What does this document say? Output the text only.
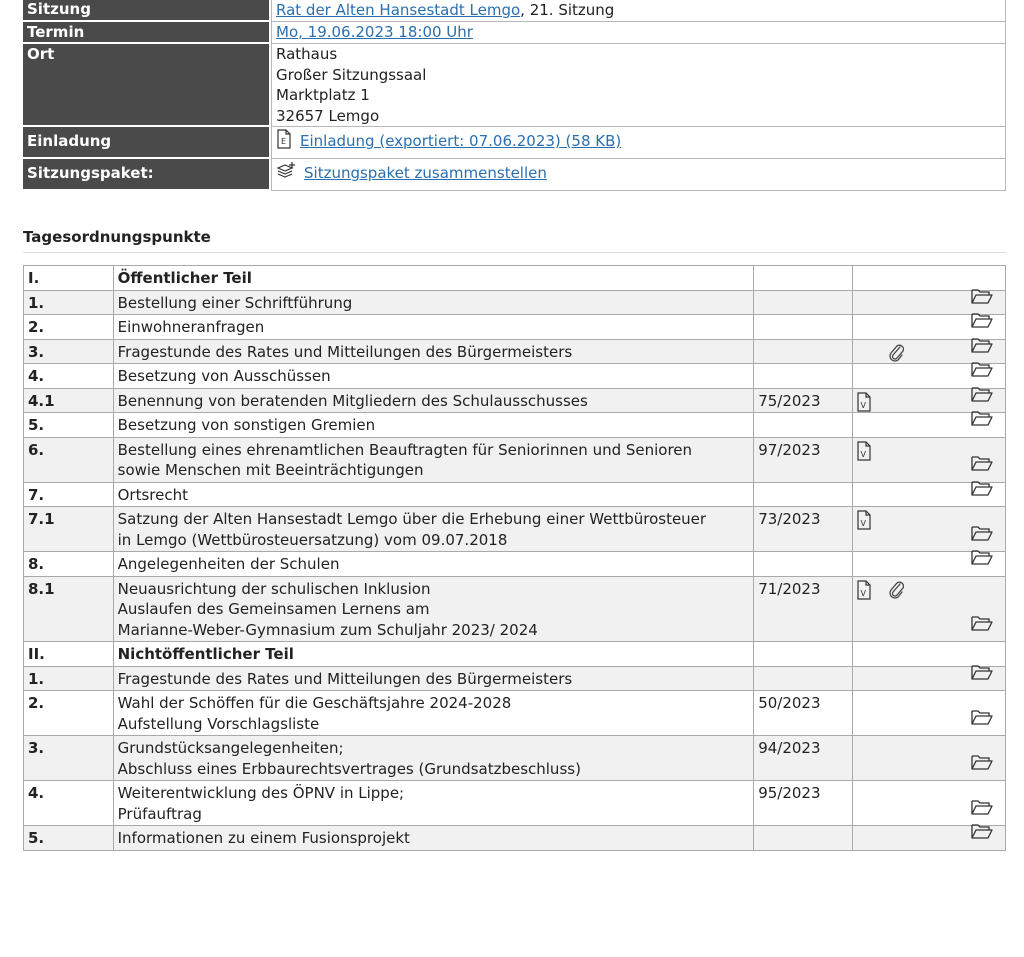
Sitzung	Rat der Alten Hansestadt Lemgo, 21. Sitzung
Termin	Mo, 19.06.2023 18:00 Uhr
Ort	Rathaus
Großer Sitzungssaal
Marktplatz 1
32657 Lemgo

Einladung	E Einladung (exportiert: 07.06.2023) (58 KB)
Sitzungspaket:	Sitzungspaket zusammenstellen
Tagesordnungspunkte
I.	Öffentlicher Teil		
1.	Bestellung einer Schriftführung		

2.	Einwohneranfragen		

3.	Fragestunde des Rates und Mitteilungen des Bürgermeisters		

4.	Besetzung von Ausschüssen		

4.1	Benennung von beratenden Mitgliedern des Schulausschusses	75/2023	V

5.	Besetzung von sonstigen Gremien		

6.	Bestellung eines ehrenamtlichen Beauftragten für Seniorinnen und Senioren
sowie Menschen mit Beeinträchtigungen	97/2023	V

7.	Ortsrecht		

7.1	Satzung der Alten Hansestadt Lemgo über die Erhebung einer Wettbürosteuer
in Lemgo (Wettbürosteuersatzung) vom 09.07.2018	73/2023	V

8.	Angelegenheiten der Schulen		

8.1	Neuausrichtung der schulischen Inklusion
Auslaufen des Gemeinsamen Lernens am
Marianne-Weber-Gymnasium zum Schuljahr 2023/ 2024	71/2023	V

II.	Nichtöffentlicher Teil		
1.	Fragestunde des Rates und Mitteilungen des Bürgermeisters		

2.	Wahl der Schöffen für die Geschäftsjahre 2024-2028
Aufstellung Vorschlagsliste	50/2023	

3.	Grundstücksangelegenheiten;
Abschluss eines Erbbaurechtsvertrages (Grundsatzbeschluss)	94/2023	

4.	Weiterentwicklung des ÖPNV in Lippe;
Prüfauftrag	95/2023	

5.	Informationen zu einem Fusionsprojekt		
